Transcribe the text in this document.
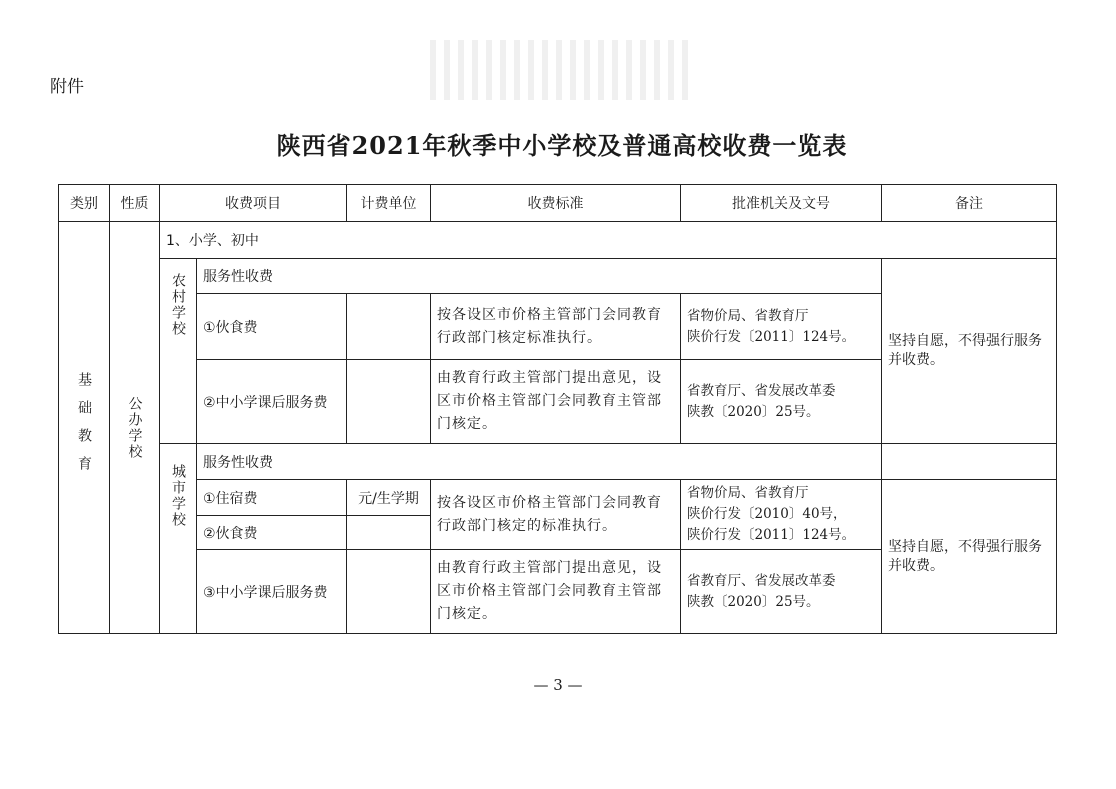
附件
陕西省2021年秋季中小学校及普通高校收费一览表
类别	性质	收费项目		计费单位	收费标准	批准机关及文号	备注

基础教育	公办学校	1、小学、初中					

		农村学校	服务性收费				坚持自愿，不得强行服务并收费。
			①伙食费		按各设区市价格主管部门会同教育行政部门核定标准执行。	省物价局、省教育厅
陕价行发〔2011〕124号。	

			②中小学课后服务费		由教育行政主管部门提出意见，设区市价格主管部门会同教育主管部门核定。	省教育厅、省发展改革委
陕教〔2020〕25号。	

		城市学校	服务性收费				
			①住宿费	元/生学期	按各设区市价格主管部门会同教育行政部门核定的标准执行。	省物价局、省教育厅
陕价行发〔2010〕40号，
陕价行发〔2011〕124号。	坚持自愿，不得强行服务并收费。
			②伙食费				
			③中小学课后服务费		由教育行政主管部门提出意见，设区市价格主管部门会同教育主管部门核定。	省教育厅、省发展改革委
陕教〔2020〕25号。	
— 3 —
